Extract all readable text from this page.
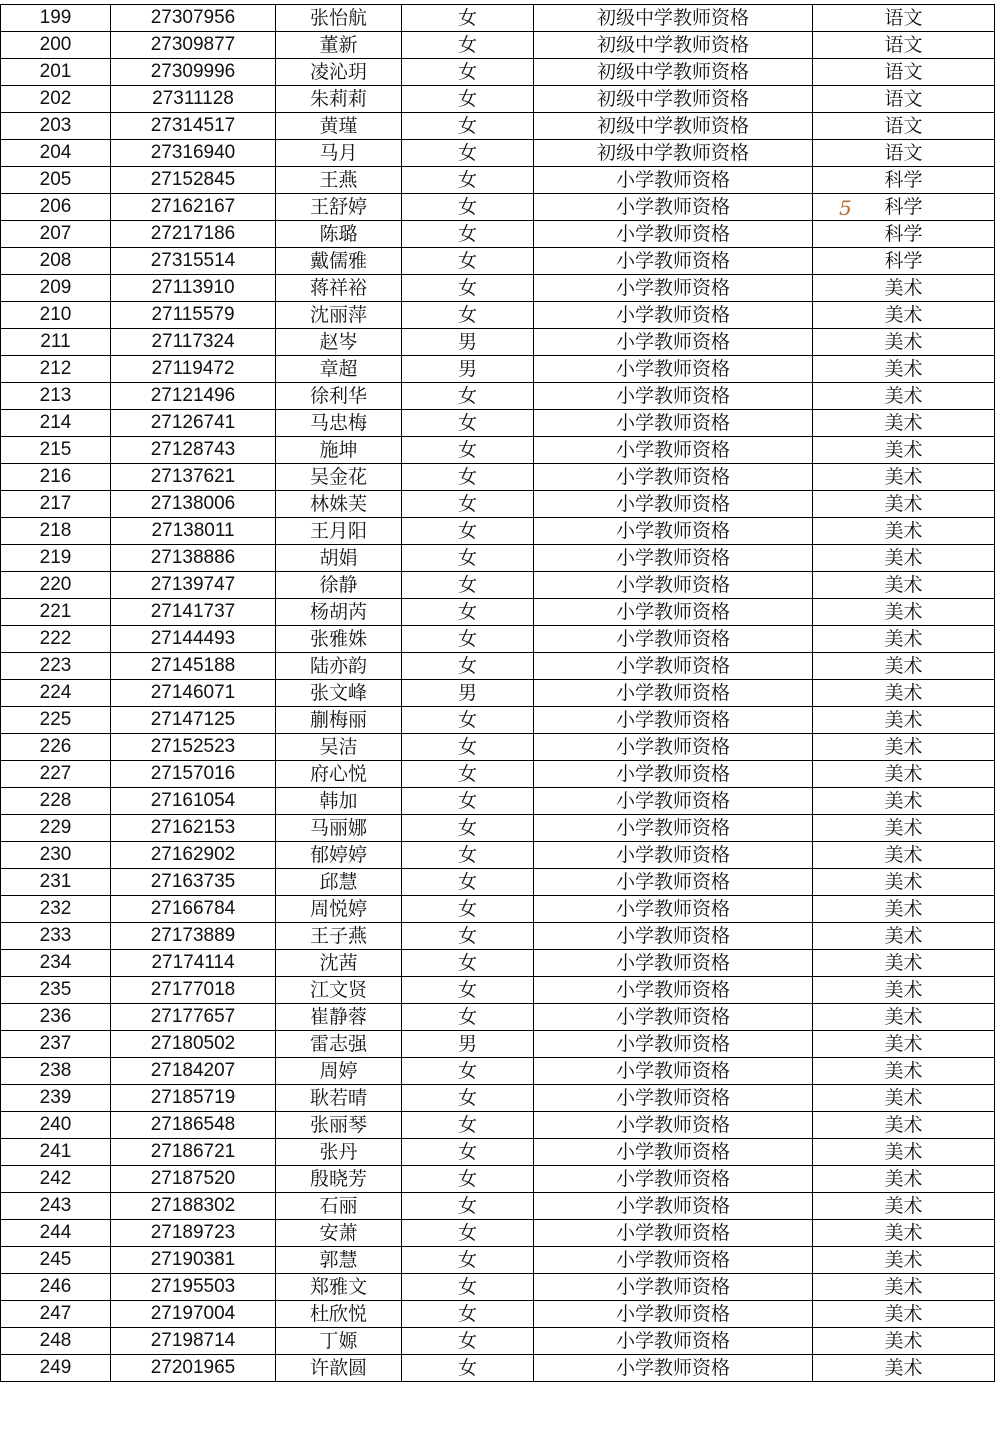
199	27307956	张怡航	女	初级中学教师资格	语文
200	27309877	董新	女	初级中学教师资格	语文
201	27309996	凌沁玥	女	初级中学教师资格	语文
202	27311128	朱莉莉	女	初级中学教师资格	语文
203	27314517	黄瑾	女	初级中学教师资格	语文
204	27316940	马月	女	初级中学教师资格	语文
205	27152845	王燕	女	小学教师资格	科学
206	27162167	王舒婷	女	小学教师资格	科学
207	27217186	陈璐	女	小学教师资格	科学
208	27315514	戴儒雅	女	小学教师资格	科学
209	27113910	蒋祥裕	女	小学教师资格	美术
210	27115579	沈丽萍	女	小学教师资格	美术
211	27117324	赵岑	男	小学教师资格	美术
212	27119472	章超	男	小学教师资格	美术
213	27121496	徐利华	女	小学教师资格	美术
214	27126741	马忠梅	女	小学教师资格	美术
215	27128743	施坤	女	小学教师资格	美术
216	27137621	吴金花	女	小学教师资格	美术
217	27138006	林姝芙	女	小学教师资格	美术
218	27138011	王月阳	女	小学教师资格	美术
219	27138886	胡娟	女	小学教师资格	美术
220	27139747	徐静	女	小学教师资格	美术
221	27141737	杨胡芮	女	小学教师资格	美术
222	27144493	张雅姝	女	小学教师资格	美术
223	27145188	陆亦韵	女	小学教师资格	美术
224	27146071	张文峰	男	小学教师资格	美术
225	27147125	蒯梅丽	女	小学教师资格	美术
226	27152523	吴洁	女	小学教师资格	美术
227	27157016	府心悦	女	小学教师资格	美术
228	27161054	韩加	女	小学教师资格	美术
229	27162153	马丽娜	女	小学教师资格	美术
230	27162902	郁婷婷	女	小学教师资格	美术
231	27163735	邱慧	女	小学教师资格	美术
232	27166784	周悦婷	女	小学教师资格	美术
233	27173889	王子燕	女	小学教师资格	美术
234	27174114	沈茜	女	小学教师资格	美术
235	27177018	江文贤	女	小学教师资格	美术
236	27177657	崔静蓉	女	小学教师资格	美术
237	27180502	雷志强	男	小学教师资格	美术
238	27184207	周婷	女	小学教师资格	美术
239	27185719	耿若晴	女	小学教师资格	美术
240	27186548	张丽琴	女	小学教师资格	美术
241	27186721	张丹	女	小学教师资格	美术
242	27187520	殷晓芳	女	小学教师资格	美术
243	27188302	石丽	女	小学教师资格	美术
244	27189723	安萧	女	小学教师资格	美术
245	27190381	郭慧	女	小学教师资格	美术
246	27195503	郑雅文	女	小学教师资格	美术
247	27197004	杜欣悦	女	小学教师资格	美术
248	27198714	丁嫄	女	小学教师资格	美术
249	27201965	许歆圆	女	小学教师资格	美术
5
